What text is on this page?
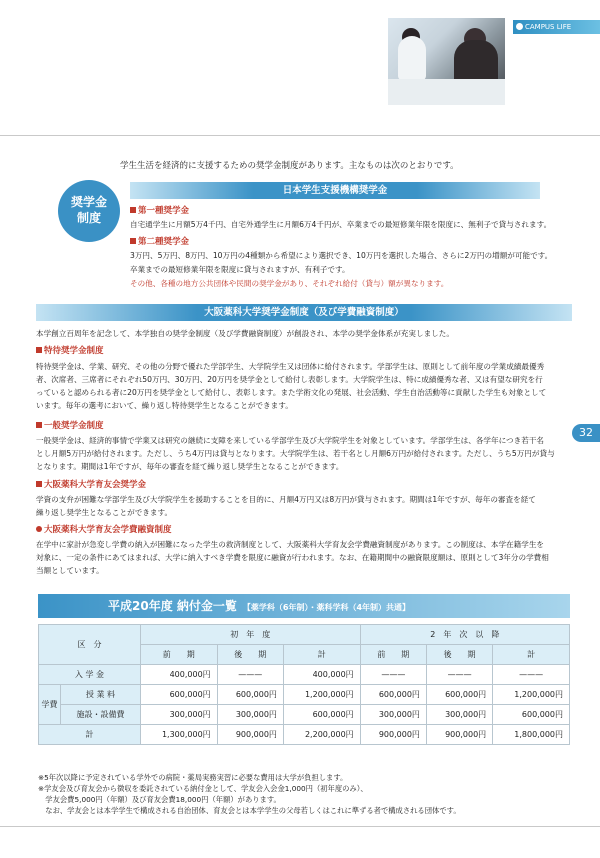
CAMPUS LIFE
学生生活を経済的に支援するための奨学金制度があります。主なものは次のとおりです。
奨学金
制度
日本学生支援機構奨学金
第一種奨学金
自宅通学生に月額5万4千円、自宅外通学生に月額6万4千円が、卒業までの最短修業年限を限度に、無利子で貸与されます。
第二種奨学金
3万円、5万円、8万円、10万円の4種類から希望により選択でき、10万円を選択した場合、さらに2万円の増額が可能です。
卒業までの最短修業年限を限度に貸与されますが、有利子です。
その他、各種の地方公共団体や民間の奨学金があり、それぞれ給付（貸与）額が異なります。
大阪薬科大学奨学金制度（及び学費融資制度）
本学創立百周年を記念して、本学独自の奨学金制度（及び学費融資制度）が創設され、本学の奨学金体系が充実しました。
特待奨学金制度
特待奨学金は、学業、研究、その他の分野で優れた学部学生、大学院学生又は団体に給付されます。学部学生は、原則として前年度の学業成績最優秀
者、次席者、三席者にそれぞれ50万円、30万円、20万円を奨学金として給付し表彰します。大学院学生は、特に成績優秀な者、又は有望な研究を行
っていると認められる者に20万円を奨学金として給付し、表彰します。また学術文化の発展、社会活動、学生自治活動等に貢献した学生も対象として
います。毎年の選考において、繰り返し特待奨学生となることができます。
一般奨学金制度
一般奨学金は、経済的事情で学業又は研究の継続に支障を来している学部学生及び大学院学生を対象としています。学部学生は、各学年につき若干名
とし月額5万円が給付されます。ただし、うち4万円は貸与となります。大学院学生は、若干名とし月額6万円が給付されます。ただし、うち5万円が貸与
となります。期間は1年ですが、毎年の審査を経て繰り返し奨学生となることができます。
大阪薬科大学育友会奨学金
学資の支弁が困難な学部学生及び大学院学生を援助することを目的に、月額4万円又は8万円が貸与されます。期間は1年ですが、毎年の審査を経て
繰り返し奨学生となることができます。
大阪薬科大学育友会学費融資制度
在学中に家計が急変し学費の納入が困難になった学生の救済制度として、大阪薬科大学育友会学費融資制度があります。この制度は、本学在籍学生を
対象に、一定の条件にあてはまれば、大学に納入すべき学費を限度に融資が行われます。なお、在籍期間中の融資限度額は、原則として3年分の学費相
当額としています。
32
平成20年度 納付金一覧 【薬学科（6年制）・薬科学科（4年制）共通】
区　分		初　年　度			2　年　次　以　降		
		前　　期	後　　期	計	前　　期	後　　期	計
入 学 金		400,000円	———	400,000円	———	———	———
学費	授 業 料	600,000円	600,000円	1,200,000円	600,000円	600,000円	1,200,000円
	施設・設備費	300,000円	300,000円	600,000円	300,000円	300,000円	600,000円
計		1,300,000円	900,000円	2,200,000円	900,000円	900,000円	1,800,000円
※5年次以降に予定されている学外での病院・薬局実務実習に必要な費用は大学が負担します。
※学友会及び育友会から徴収を委託されている納付金として、学友会入会金1,000円（初年度のみ）、
　学友会費5,000円（年額）及び育友会費18,000円（年額）があります。
　なお、学友会とは本学学生で構成される自治団体、育友会とは本学学生の父母若しくはこれに準ずる者で構成される団体です。
